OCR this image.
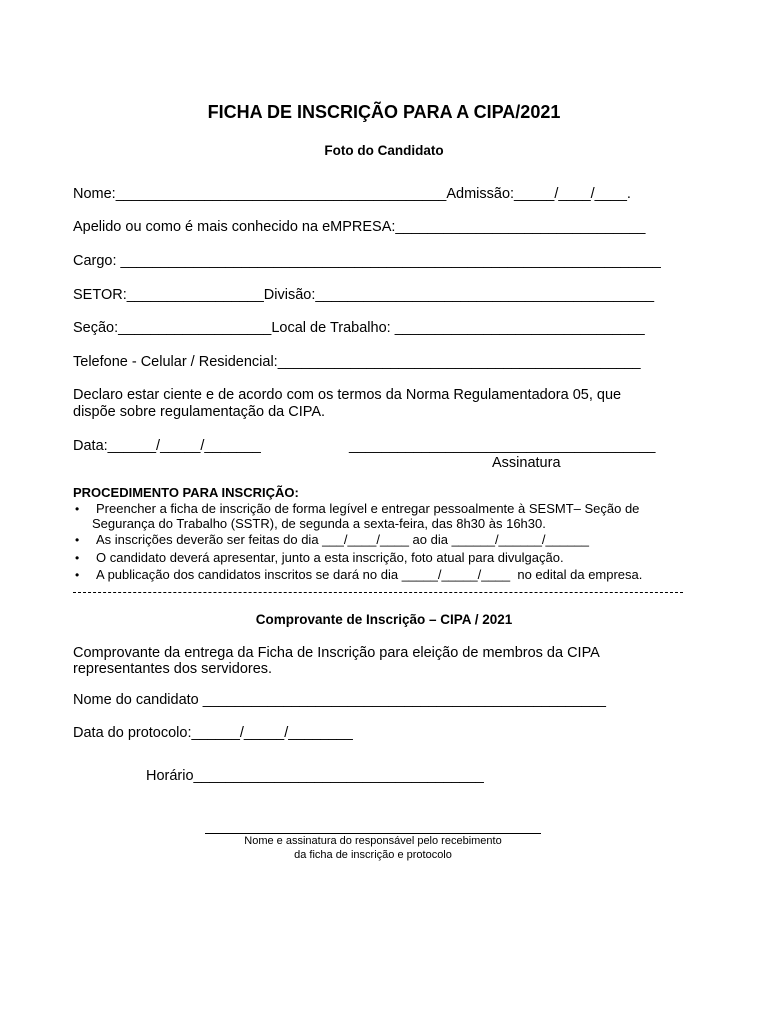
FICHA DE INSCRIÇÃO PARA A CIPA/2021
Foto do Candidato
Nome:_________________________________________Admissão:_____/____/____.
Apelido ou como é mais conhecido na eMPRESA:_______________________________
Cargo: ___________________________________________________________________
SETOR:_________________Divisão:__________________________________________
Seção:___________________Local de Trabalho: _______________________________
Telefone - Celular / Residencial:_____________________________________________
Declaro estar ciente e de acordo com os termos da Norma Regulamentadora 05, que
dispõe sobre regulamentação da CIPA.
Data:______/_____/_______	______________________________________
Assinatura
PROCEDIMENTO PARA INSCRIÇÃO:
• Preencher a ficha de inscrição de forma legível e entregar pessoalmente à SESMT– Seção de
Segurança do Trabalho (SSTR), de segunda a sexta-feira, das 8h30 às 16h30.
• As inscrições deverão ser feitas do dia ___/____/____ ao dia ______/______/______
• O candidato deverá apresentar, junto a esta inscrição, foto atual para divulgação.
• A publicação dos candidatos inscritos se dará no dia _____/_____/____  no edital da empresa.
Comprovante de Inscrição – CIPA / 2021
Comprovante da entrega da Ficha de Inscrição para eleição de membros da CIPA
representantes dos servidores.
Nome do candidato __________________________________________________
Data do protocolo:______/_____/________
Horário____________________________________
Nome e assinatura do responsável pelo recebimento
da ficha de inscrição e protocolo
